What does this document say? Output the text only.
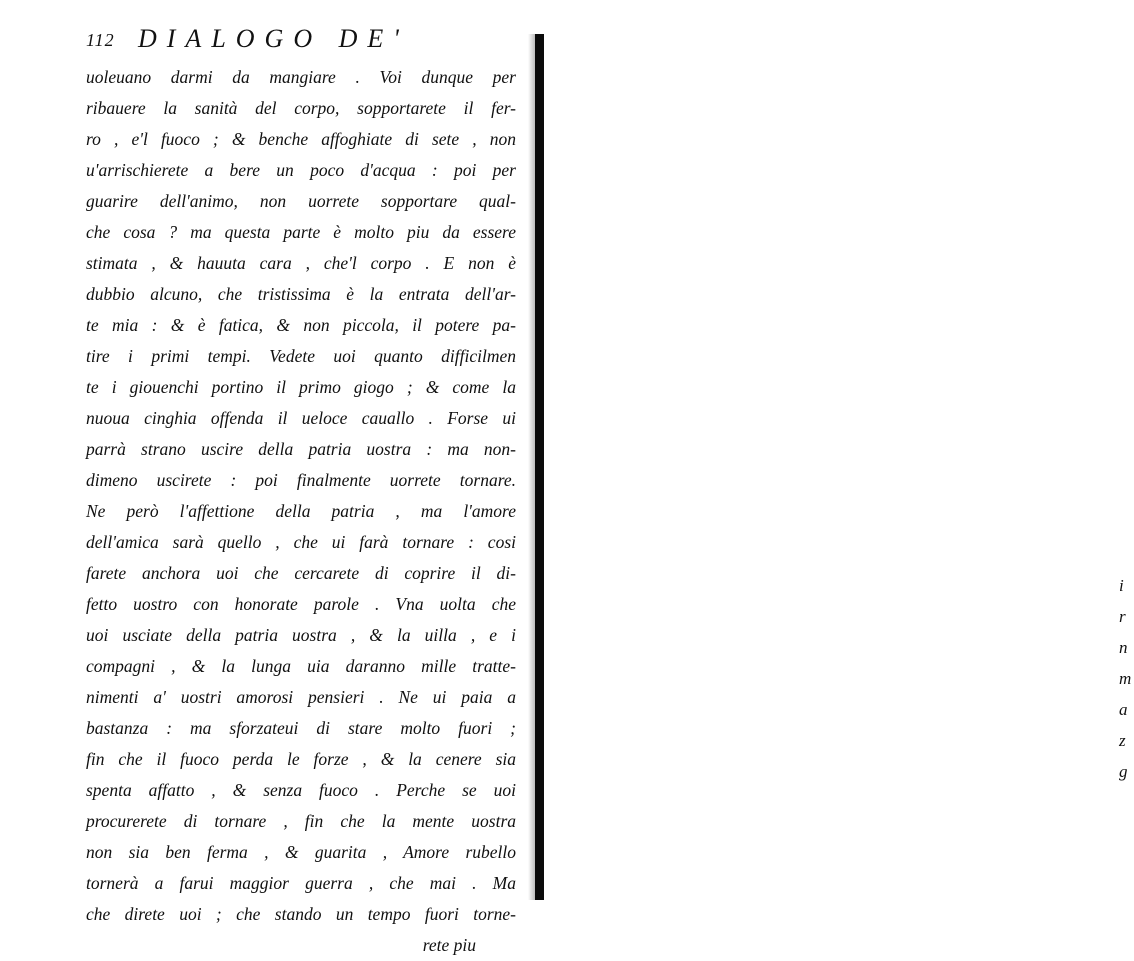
112 DIALOGO DE'
uoleuano darmi da mangiare . Voi dunque per
ribauere la sanità del corpo, sopportarete il fer-
ro , e'l fuoco ; & benche affoghiate di sete , non
u'arrischierete a bere un poco d'acqua : poi per
guarire dell'animo, non uorrete sopportare qual-
che cosa ? ma questa parte è molto piu da essere
stimata , & hauuta cara , che'l corpo . E non è
dubbio alcuno, che tristissima è la entrata dell'ar-
te mia : & è fatica, & non piccola, il potere pa-
tire i primi tempi. Vedete uoi quanto difficilmen
te i giouenchi portino il primo giogo ; & come la
nuoua cinghia offenda il ueloce cauallo . Forse ui
parrà strano uscire della patria uostra : ma non-
dimeno uscirete : poi finalmente uorrete tornare.
Ne però l'affettione della patria , ma l'amore
dell'amica sarà quello , che ui farà tornare : cosi
farete anchora uoi che cercarete di coprire il di-
fetto uostro con honorate parole . Vna uolta che
uoi usciate della patria uostra , & la uilla , e i
compagni , & la lunga uia daranno mille tratte-
nimenti a' uostri amorosi pensieri . Ne ui paia a
bastanza : ma sforzateui di stare molto fuori ;
fin che il fuoco perda le forze , & la cenere sia
spenta affatto , & senza fuoco . Perche se uoi
procurerete di tornare , fin che la mente uostra
non sia ben ferma , & guarita , Amore rubello
tornerà a farui maggior guerra , che mai . Ma
che direte uoi ; che stando un tempo fuori torne-
rete piu
i
r
n
m
a
z
g
